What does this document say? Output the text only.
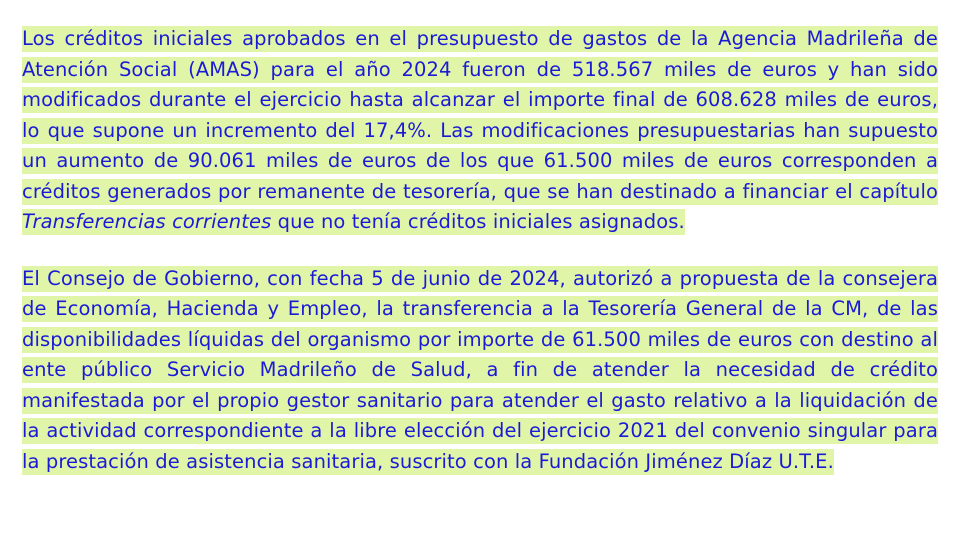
Los créditos iniciales aprobados en el presupuesto de gastos de la Agencia Madrileña de Atención Social (AMAS) para el año 2024 fueron de 518.567 miles de euros y han sido modificados durante el ejercicio hasta alcanzar el importe final de 608.628 miles de euros, lo que supone un incremento del 17,4%. Las modificaciones presupuestarias han supuesto un aumento de 90.061 miles de euros de los que 61.500 miles de euros corresponden a créditos generados por remanente de tesorería, que se han destinado a financiar el capítulo Transferencias corrientes que no tenía créditos iniciales asignados.

El Consejo de Gobierno, con fecha 5 de junio de 2024, autorizó a propuesta de la consejera de Economía, Hacienda y Empleo, la transferencia a la Tesorería General de la CM, de las disponibilidades líquidas del organismo por importe de 61.500 miles de euros con destino al ente público Servicio Madrileño de Salud, a fin de atender la necesidad de crédito manifestada por el propio gestor sanitario para atender el gasto relativo a la liquidación de la actividad correspondiente a la libre elección del ejercicio 2021 del convenio singular para la prestación de asistencia sanitaria, suscrito con la Fundación Jiménez Díaz U.T.E.
